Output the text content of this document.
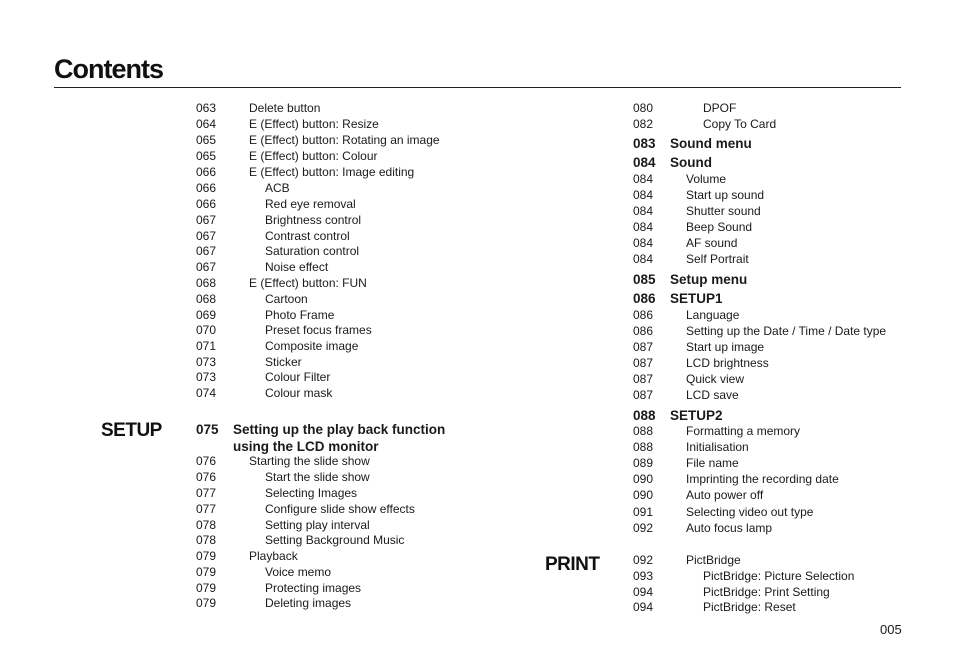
Contents
SETUP
PRINT
063	Delete button
064	E (Effect) button: Resize
065	E (Effect) button: Rotating an image
065	E (Effect) button: Colour
066	E (Effect) button: Image editing
066	ACB
066	Red eye removal
067	Brightness control
067	Contrast control
067	Saturation control
067	Noise effect
068	E (Effect) button: FUN
068	Cartoon
069	Photo Frame
070	Preset focus frames
071	Composite image
073	Sticker
073	Colour Filter
074	Colour mask
075 Setting up the play back function
using the LCD monitor
076	Starting the slide show
076	Start the slide show
077	Selecting Images
077	Configure slide show effects
078	Setting play interval
078	Setting Background Music
079	Playback
079	Voice memo
079	Protecting images
079	Deleting images
080	DPOF
082	Copy To Card
083 Sound menu
084 Sound
084	Volume
084	Start up sound
084	Shutter sound
084	Beep Sound
084	AF sound
084	Self Portrait
085 Setup menu
086 SETUP1
086	Language
086	Setting up the Date / Time / Date type
087	Start up image
087	LCD brightness
087	Quick view
087	LCD save
088 SETUP2
088	Formatting a memory
088	Initialisation
089	File name
090	Imprinting the recording date
090	Auto power off
091	Selecting video out type
092	Auto focus lamp
092	PictBridge
093	PictBridge: Picture Selection
094	PictBridge: Print Setting
094	PictBridge: Reset
005
